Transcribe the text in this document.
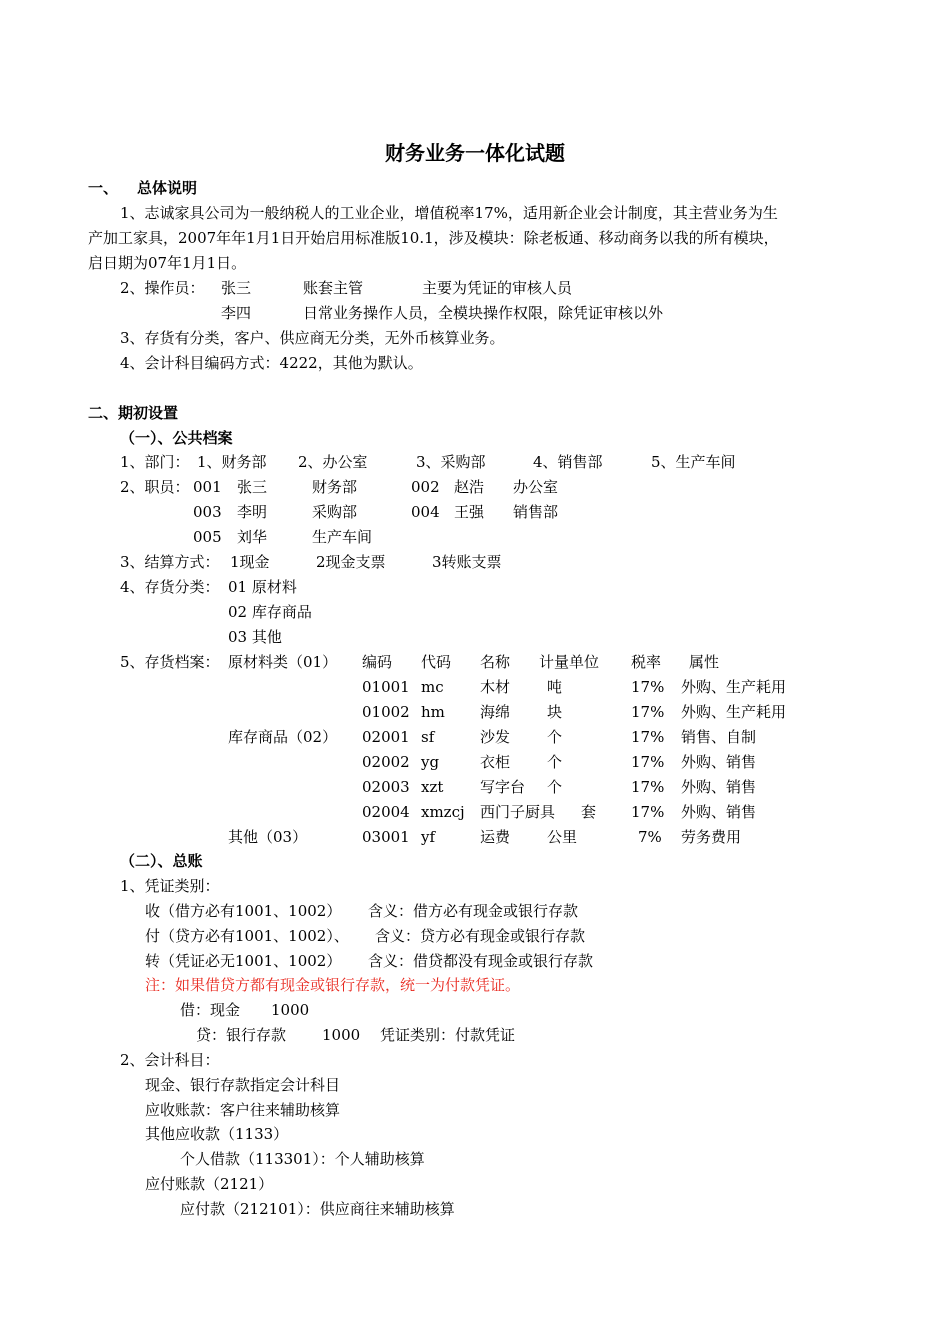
财务业务一体化试题
一、 总体说明
1、志诚家具公司为一般纳税人的工业企业，增值税率17%，适用新企业会计制度，其主营业务为生
产加工家具，2007年年1月1日开始启用标准版10.1，涉及模块：除老板通、移动商务以我的所有模块，
启日期为07年1月1日。
2、操作员： 张三	账套主管	主要为凭证的审核人员
李四	日常业务操作人员，全模块操作权限，除凭证审核以外
3、存货有分类，客户、供应商无分类，无外币核算业务。
4、会计科目编码方式：4222，其他为默认。
二、期初设置
（一）、公共档案
1、部门： 1、财务部 2、办公室	3、采购部	4、销售部	5、生产车间
2、职员： 001 张三	财务部	002 赵浩 办公室
003 李明	采购部	004 王强 销售部
005 刘华	生产车间
3、结算方式： 1现金	2现金支票	3转账支票
4、存货分类： 01 原材料
02 库存商品
03 其他
5、存货档案： 原材料类（01） 编码 代码 名称 计量单位 税率 属性
01001 mc 木材 吨	17% 外购、生产耗用
01002 hm 海绵 块	17% 外购、生产耗用
库存商品（02） 02001 sf	沙发 个	17% 销售、自制
02002 yg	衣柜 个	17% 外购、销售
02003 xzt 写字台 个	17% 外购、销售
02004 xmzcj 西门子厨具 套 17% 外购、销售
其他（03）	03001 yf	运费 公里	7% 劳务费用
（二）、总账
1、凭证类别：
收（借方必有1001、1002） 含义：借方必有现金或银行存款
付（贷方必有1001、1002）、 含义：贷方必有现金或银行存款
转（凭证必无1001、1002） 含义：借贷都没有现金或银行存款
注：如果借贷方都有现金或银行存款，统一为付款凭证。
借：现金 1000
贷：银行存款 1000 凭证类别：付款凭证
2、会计科目：
现金、银行存款指定会计科目
应收账款：客户往来辅助核算
其他应收款（1133）
个人借款（113301）：个人辅助核算
应付账款（2121）
应付款（212101）：供应商往来辅助核算
